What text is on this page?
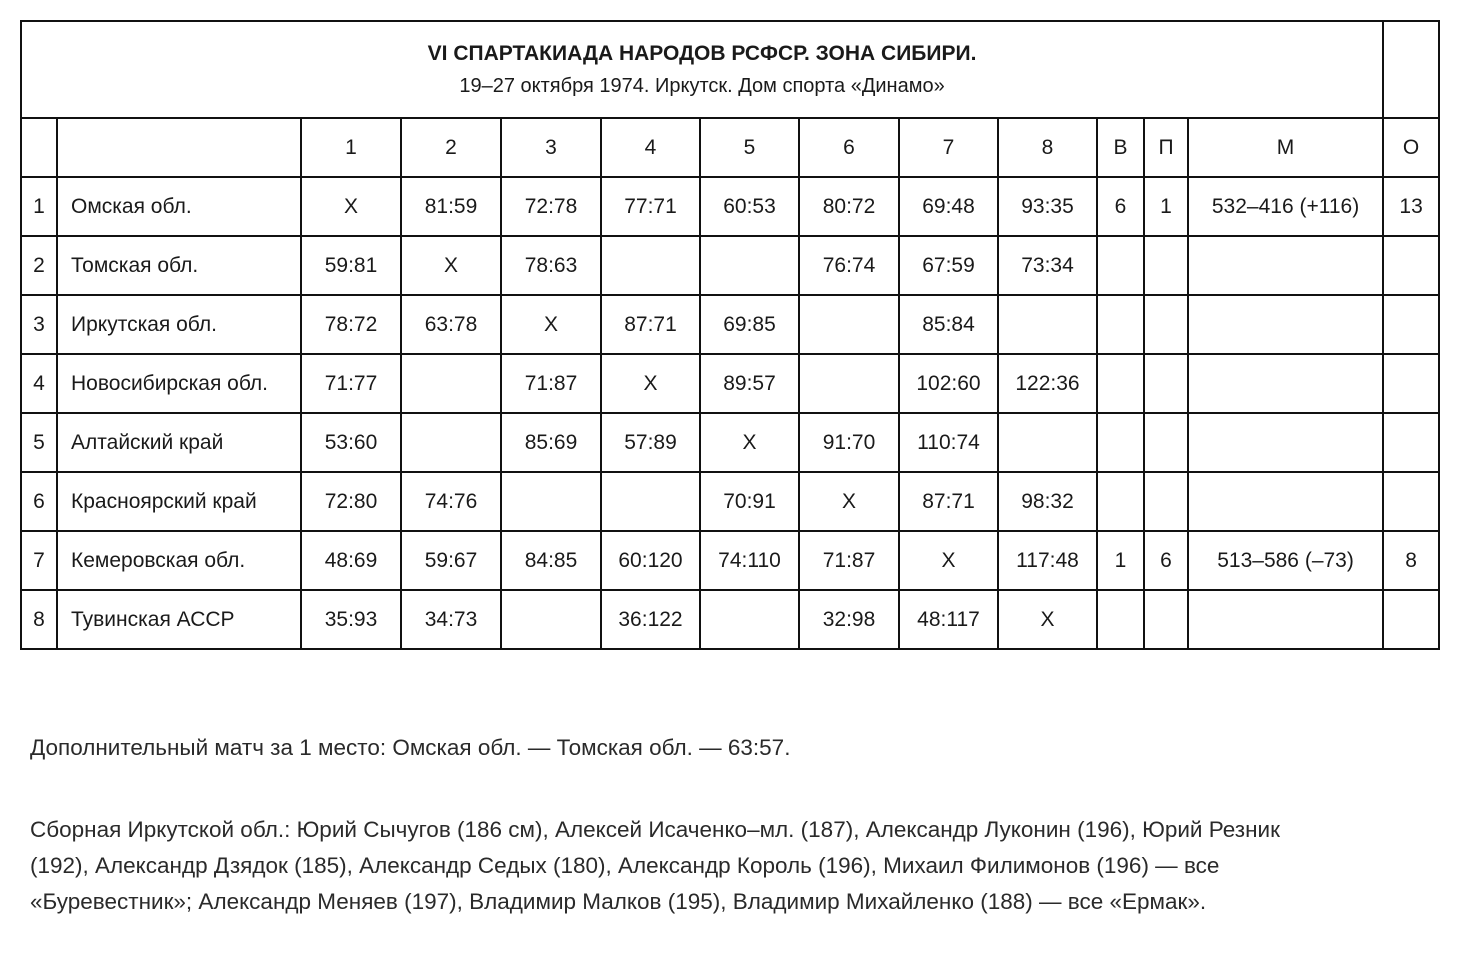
VI СПАРТАКИАДА НАРОДОВ РСФСР. ЗОНА СИБИРИ.
19–27 октября 1974. Иркутск. Дом спорта «Динамо»													

		1	2	3	4	5	6	7	8	В	П	М	О
1	Омская обл.	X	81:59	72:78	77:71	60:53	80:72	69:48	93:35	6	1	532–416 (+116)	13
2	Томская обл.	59:81	X	78:63			76:74	67:59	73:34				
3	Иркутская обл.	78:72	63:78	X	87:71	69:85		85:84					
4	Новосибирская обл.	71:77		71:87	X	89:57		102:60	122:36				
5	Алтайский край	53:60		85:69	57:89	X	91:70	110:74					
6	Красноярский край	72:80	74:76			70:91	X	87:71	98:32				
7	Кемеровская обл.	48:69	59:67	84:85	60:120	74:110	71:87	X	117:48	1	6	513–586 (–73)	8
8	Тувинская АССР	35:93	34:73		36:122		32:98	48:117	X				
Дополнительный матч за 1 место: Омская обл. — Томская обл. — 63:57.
Сборная Иркутской обл.: Юрий Сычугов (186 см), Алексей Исаченко–мл. (187), Александр Луконин (196), Юрий Резник (192), Александр Дзядок (185), Александр Седых (180), Александр Король (196), Михаил Филимонов (196) — все «Буревестник»; Александр Меняев (197), Владимир Малков (195), Владимир Михайленко (188) — все «Ермак».
